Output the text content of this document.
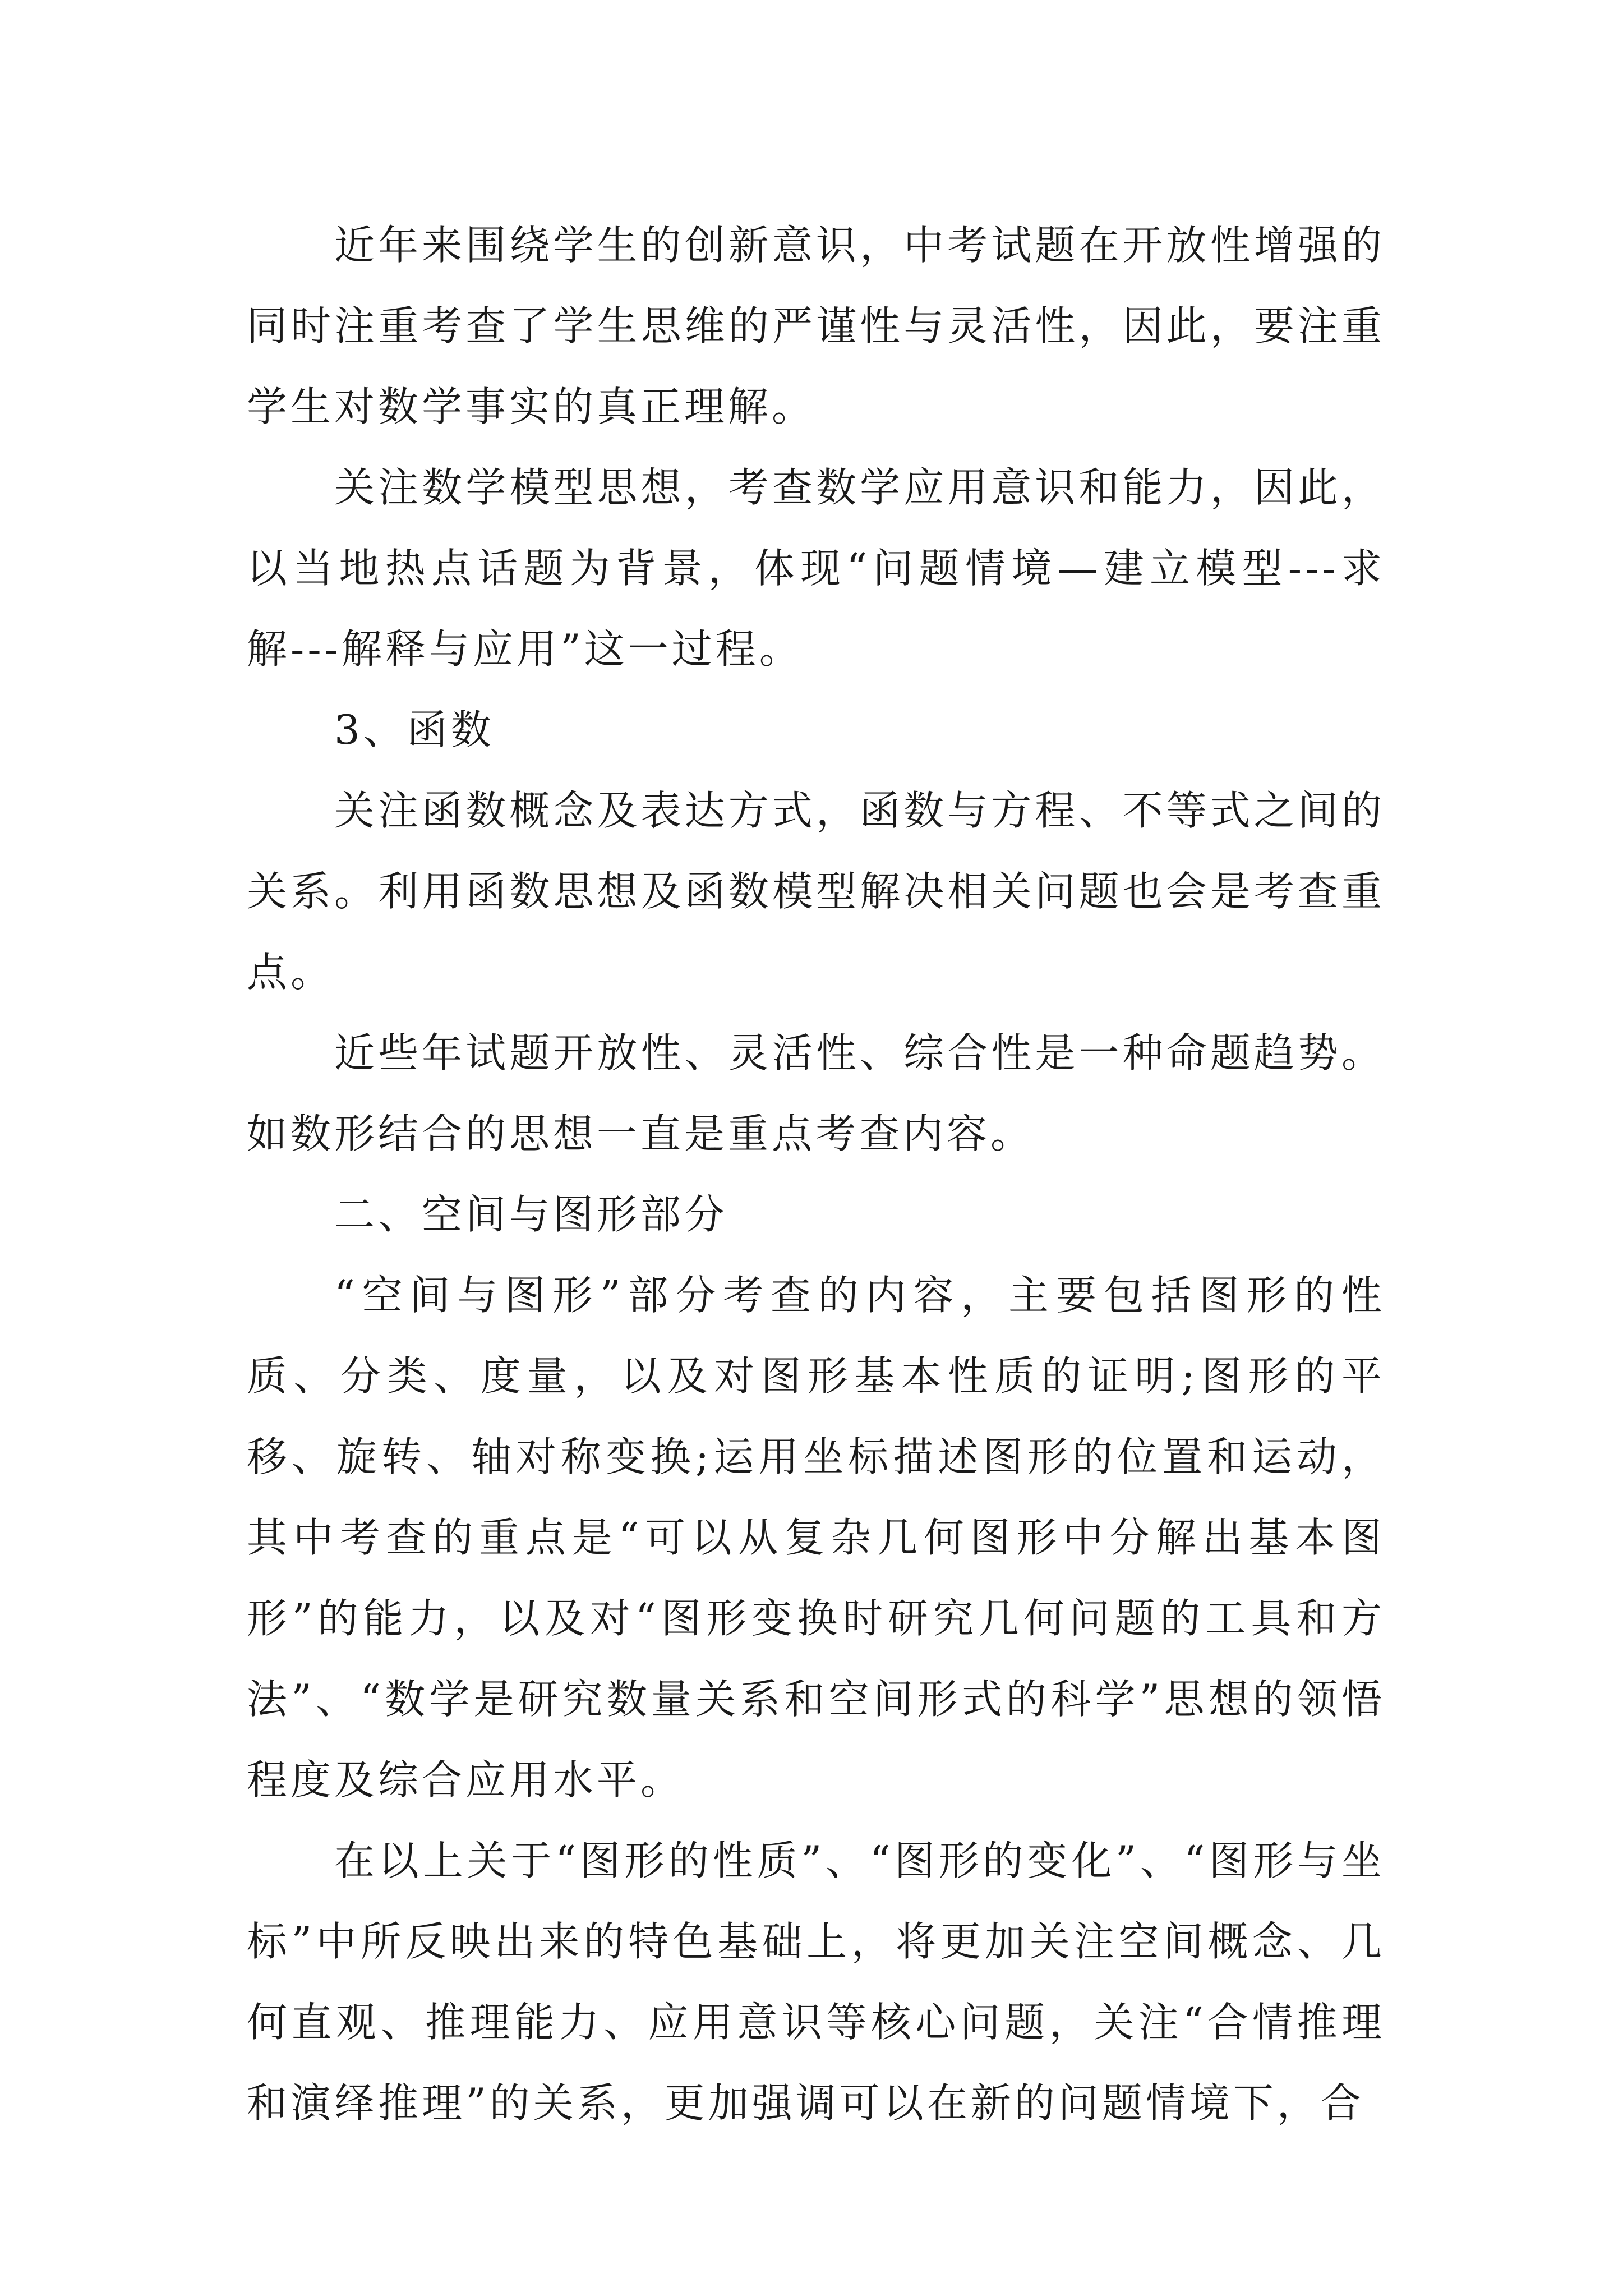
近年来围绕学生的创新意识，中考试题在开放性增强的同时注重考查了学生思维的严谨性与灵活性，因此，要注重学生对数学事实的真正理解。

关注数学模型思想，考查数学应用意识和能力，因此，以当地热点话题为背景，体现“问题情境—建立模型---求解---解释与应用”这一过程。

3、函数

关注函数概念及表达方式，函数与方程、不等式之间的关系。利用函数思想及函数模型解决相关问题也会是考查重点。

近些年试题开放性、灵活性、综合性是一种命题趋势。如数形结合的思想一直是重点考查内容。

二、空间与图形部分

“空间与图形”部分考查的内容，主要包括图形的性质、分类、度量，以及对图形基本性质的证明;图形的平移、旋转、轴对称变换;运用坐标描述图形的位置和运动，其中考查的重点是“可以从复杂几何图形中分解出基本图形”的能力，以及对“图形变换时研究几何问题的工具和方法”、“数学是研究数量关系和空间形式的科学”思想的领悟程度及综合应用水平。

在以上关于“图形的性质”、“图形的变化”、“图形与坐标”中所反映出来的特色基础上，将更加关注空间概念、几何直观、推理能力、应用意识等核心问题，关注“合情推理和演绎推理”的关系，更加强调可以在新的问题情境下，合
